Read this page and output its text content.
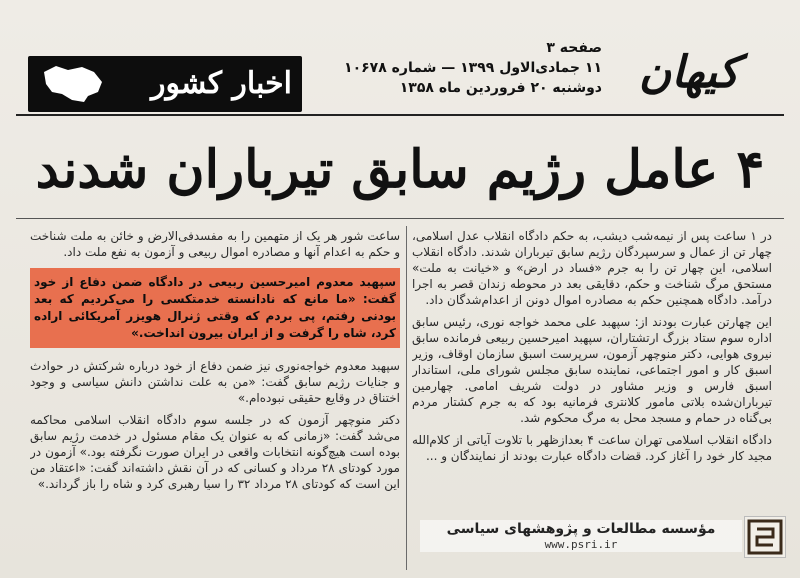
کیهان
صفحه ۳
۱۱ جمادی‌الاول ۱۳۹۹ — شماره ۱۰۶۷۸
دوشنبه ۲۰ فروردین ماه ۱۳۵۸
اخبار کشور
۴ عامل رژیم سابق تیرباران شدند

در ۱ ساعت پس از نیمه‌شب دیشب، به حکم دادگاه انقلاب عدل اسلامی، چهار تن از عمال و سرسپردگان رژیم سابق تیرباران شدند. دادگاه انقلاب اسلامی، این چهار تن را به جرم «فساد در ارض» و «خیانت به ملت» مستحق مرگ شناخت و حکم، دقایقی بعد در محوطه زندان قصر به اجرا درآمد. دادگاه همچنین حکم به مصادره اموال دونن از اعدام‌شدگان داد.

این چهارتن عبارت بودند از: سپهبد علی محمد خواجه نوری، رئیس سابق اداره سوم ستاد بزرگ ارتشتاران، سپهبد امیرحسین ربیعی فرمانده سابق نیروی هوایی، دکتر منوچهر آزمون، سرپرست اسبق سازمان اوقاف، وزیر اسبق کار و امور اجتماعی، نماینده سابق مجلس شورای ملی، استاندار اسبق فارس و وزیر مشاور در دولت شریف امامی. چهارمین تیرباران‌شده بلاتی مامور کلانتری فرمانیه بود که به جرم کشتار مردم بی‌گناه در حمام و مسجد محل به مرگ محکوم شد.

دادگاه انقلاب اسلامی تهران ساعت ۴ بعدازظهر با تلاوت آیاتی از کلام‌الله مجید کار خود را آغاز کرد. قضات دادگاه عبارت بودند از نمایندگان و ...

ساعت شور هر یک از متهمین را به مفسدفی‌الارض و خائن به ملت شناخت و حکم به اعدام آنها و مصادره اموال ربیعی و آزمون به نفع ملت داد.

سپهبد معدوم امیرحسین ربیعی در دادگاه ضمن دفاع از خود گفت: «ما مانع كه نادانسته خدمتکسی را می‌کردیم که بعد بودنی رفتم، پی بردم که وقتی ژنرال هویزر آمریکائی اراده کرد، شاه را گرفت و از ایران بیرون انداخت.»

سپهبد معدوم خواجه‌نوری نیز ضمن دفاع از خود درباره شرکتش در حوادث و جنایات رژیم سابق گفت: «من به علت نداشتن دانش سیاسی و وجود اختناق در وقایع حقیقی نبوده‌ام.»

دکتر منوچهر آزمون که در جلسه سوم دادگاه انقلاب اسلامی محاکمه می‌شد گفت: «زمانی که به عنوان یک مقام مسئول در خدمت رژیم سابق بوده است هیچ‌گونه انتخابات واقعی در ایران صورت نگرفته بود.» آزمون در مورد کودتای ۲۸ مرداد و کسانی که در آن نقش داشته‌اند گفت: «اعتقاد من این است که کودتای ۲۸ مرداد ۳۲ را سیا رهبری کرد و شاه را باز گرداند.»

مؤسسه مطالعات و پژوهشهای سیاسی
www.psri.ir
